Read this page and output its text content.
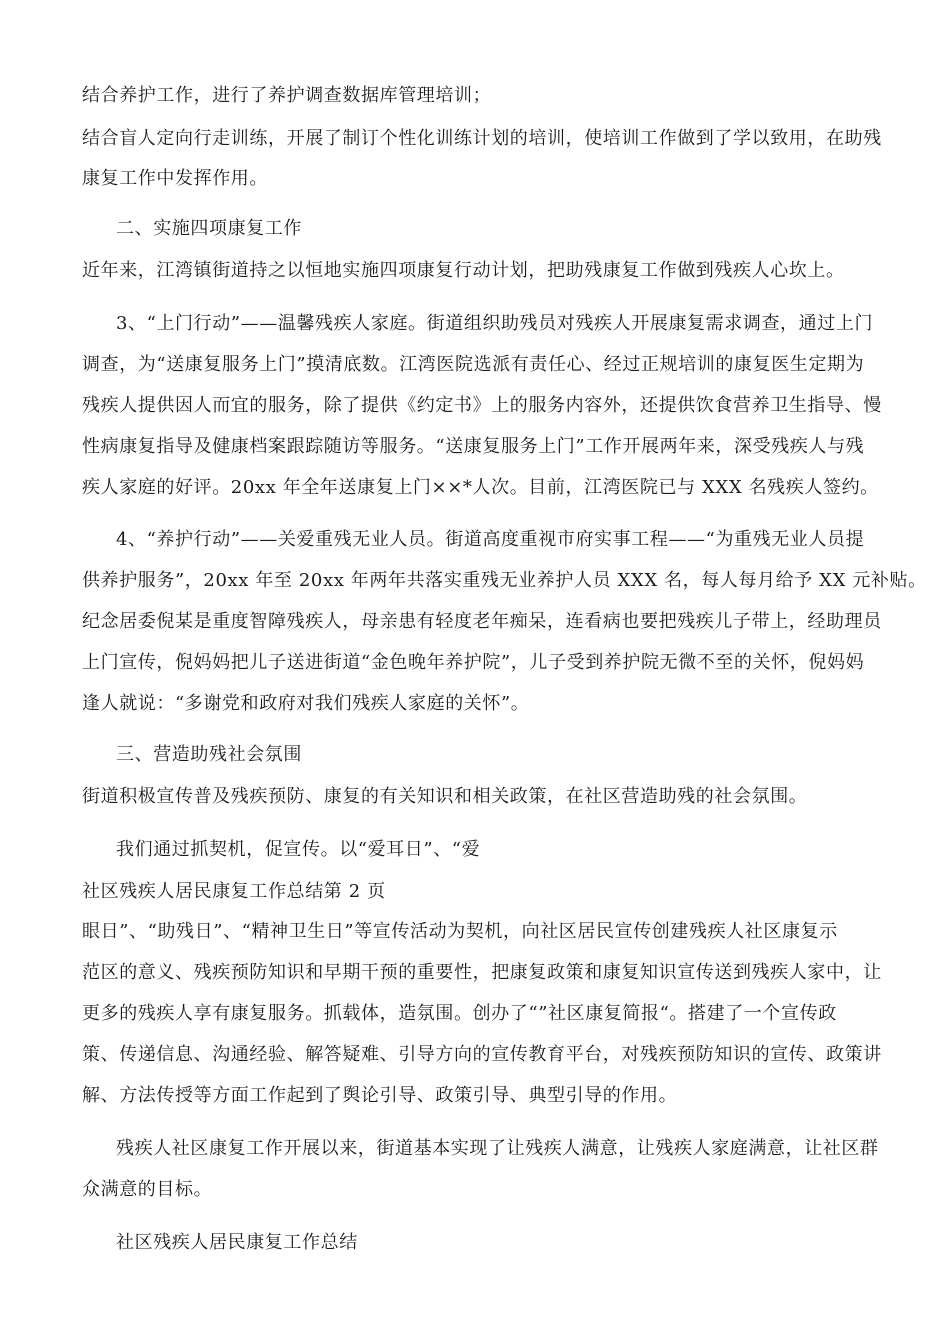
结合养护工作，进行了养护调查数据库管理培训；
结合盲人定向行走训练，开展了制订个性化训练计划的培训，使培训工作做到了学以致用，在助残
康复工作中发挥作用。
二、实施四项康复工作
近年来，江湾镇街道持之以恒地实施四项康复行动计划，把助残康复工作做到残疾人心坎上。
3、“上门行动”——温馨残疾人家庭。街道组织助残员对残疾人开展康复需求调查，通过上门
调查，为“送康复服务上门”摸清底数。江湾医院选派有责任心、经过正规培训的康复医生定期为
残疾人提供因人而宜的服务，除了提供《约定书》上的服务内容外，还提供饮食营养卫生指导、慢
性病康复指导及健康档案跟踪随访等服务。“送康复服务上门”工作开展两年来，深受残疾人与残
疾人家庭的好评。20xx 年全年送康复上门××*人次。目前，江湾医院已与 XXX 名残疾人签约。
4、“养护行动”——关爱重残无业人员。街道高度重视市府实事工程——“为重残无业人员提
供养护服务”，20xx 年至 20xx 年两年共落实重残无业养护人员 XXX 名，每人每月给予 XX 元补贴。
纪念居委倪某是重度智障残疾人，母亲患有轻度老年痴呆，连看病也要把残疾儿子带上，经助理员
上门宣传，倪妈妈把儿子送进街道“金色晚年养护院”，儿子受到养护院无微不至的关怀，倪妈妈
逢人就说：“多谢党和政府对我们残疾人家庭的关怀”。
三、营造助残社会氛围
街道积极宣传普及残疾预防、康复的有关知识和相关政策，在社区营造助残的社会氛围。
我们通过抓契机，促宣传。以“爱耳日”、“爱
社区残疾人居民康复工作总结第 2 页
眼日”、“助残日”、“精神卫生日”等宣传活动为契机，向社区居民宣传创建残疾人社区康复示
范区的意义、残疾预防知识和早期干预的重要性，把康复政策和康复知识宣传送到残疾人家中，让
更多的残疾人享有康复服务。抓载体，造氛围。创办了“”社区康复简报“。搭建了一个宣传政
策、传递信息、沟通经验、解答疑难、引导方向的宣传教育平台，对残疾预防知识的宣传、政策讲
解、方法传授等方面工作起到了舆论引导、政策引导、典型引导的作用。
残疾人社区康复工作开展以来，街道基本实现了让残疾人满意，让残疾人家庭满意，让社区群
众满意的目标。
社区残疾人居民康复工作总结
